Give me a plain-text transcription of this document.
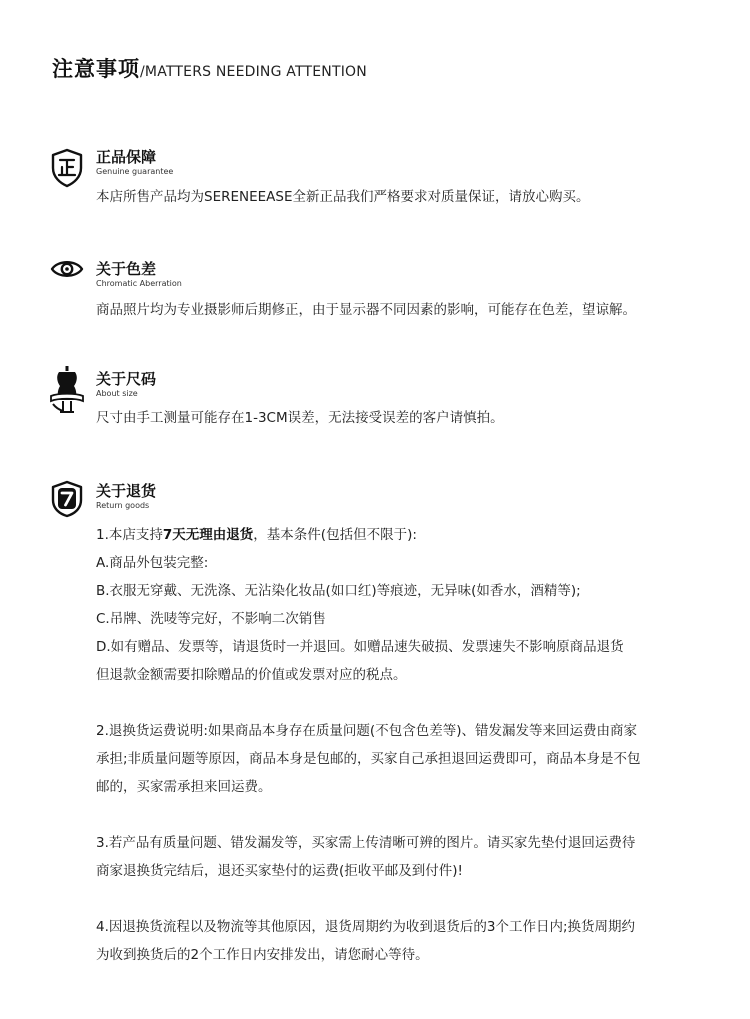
注意事项/MATTERS NEEDING ATTENTION
正品保障
Genuine guarantee
本店所售产品均为SERENEEASE全新正品我们严格要求对质量保证，请放心购买。
关于色差
Chromatic Aberration
商品照片均为专业摄影师后期修正，由于显示器不同因素的影响，可能存在色差，望谅解。
关于尺码
About size
尺寸由手工测量可能存在1-3CM误差，无法接受误差的客户请慎拍。
关于退货
Return goods

1.本店支持7天无理由退货，基本条件(包括但不限于):

A.商品外包装完整:

B.衣服无穿戴、无洗涤、无沾染化妆品(如口红)等痕迹，无异味(如香水，酒精等);

C.吊牌、洗唛等完好，不影响二次销售

D.如有赠品、发票等，请退货时一并退回。如赠品速失破损、发票速失不影响原商品退货

但退款金额需要扣除赠品的价值或发票对应的税点。

2.退换货运费说明:如果商品本身存在质量问题(不包含色差等)、错发漏发等来回运费由商家

承担;非质量问题等原因，商品本身是包邮的，买家自己承担退回运费即可，商品本身是不包

邮的，买家需承担来回运费。

3.若产品有质量问题、错发漏发等，买家需上传清晰可辨的图片。请买家先垫付退回运费待

商家退换货完结后，退还买家垫付的运费(拒收平邮及到付件)!

4.因退换货流程以及物流等其他原因，退货周期约为收到退货后的3个工作日内;换货周期约

为收到换货后的2个工作日内安排发出，请您耐心等待。
